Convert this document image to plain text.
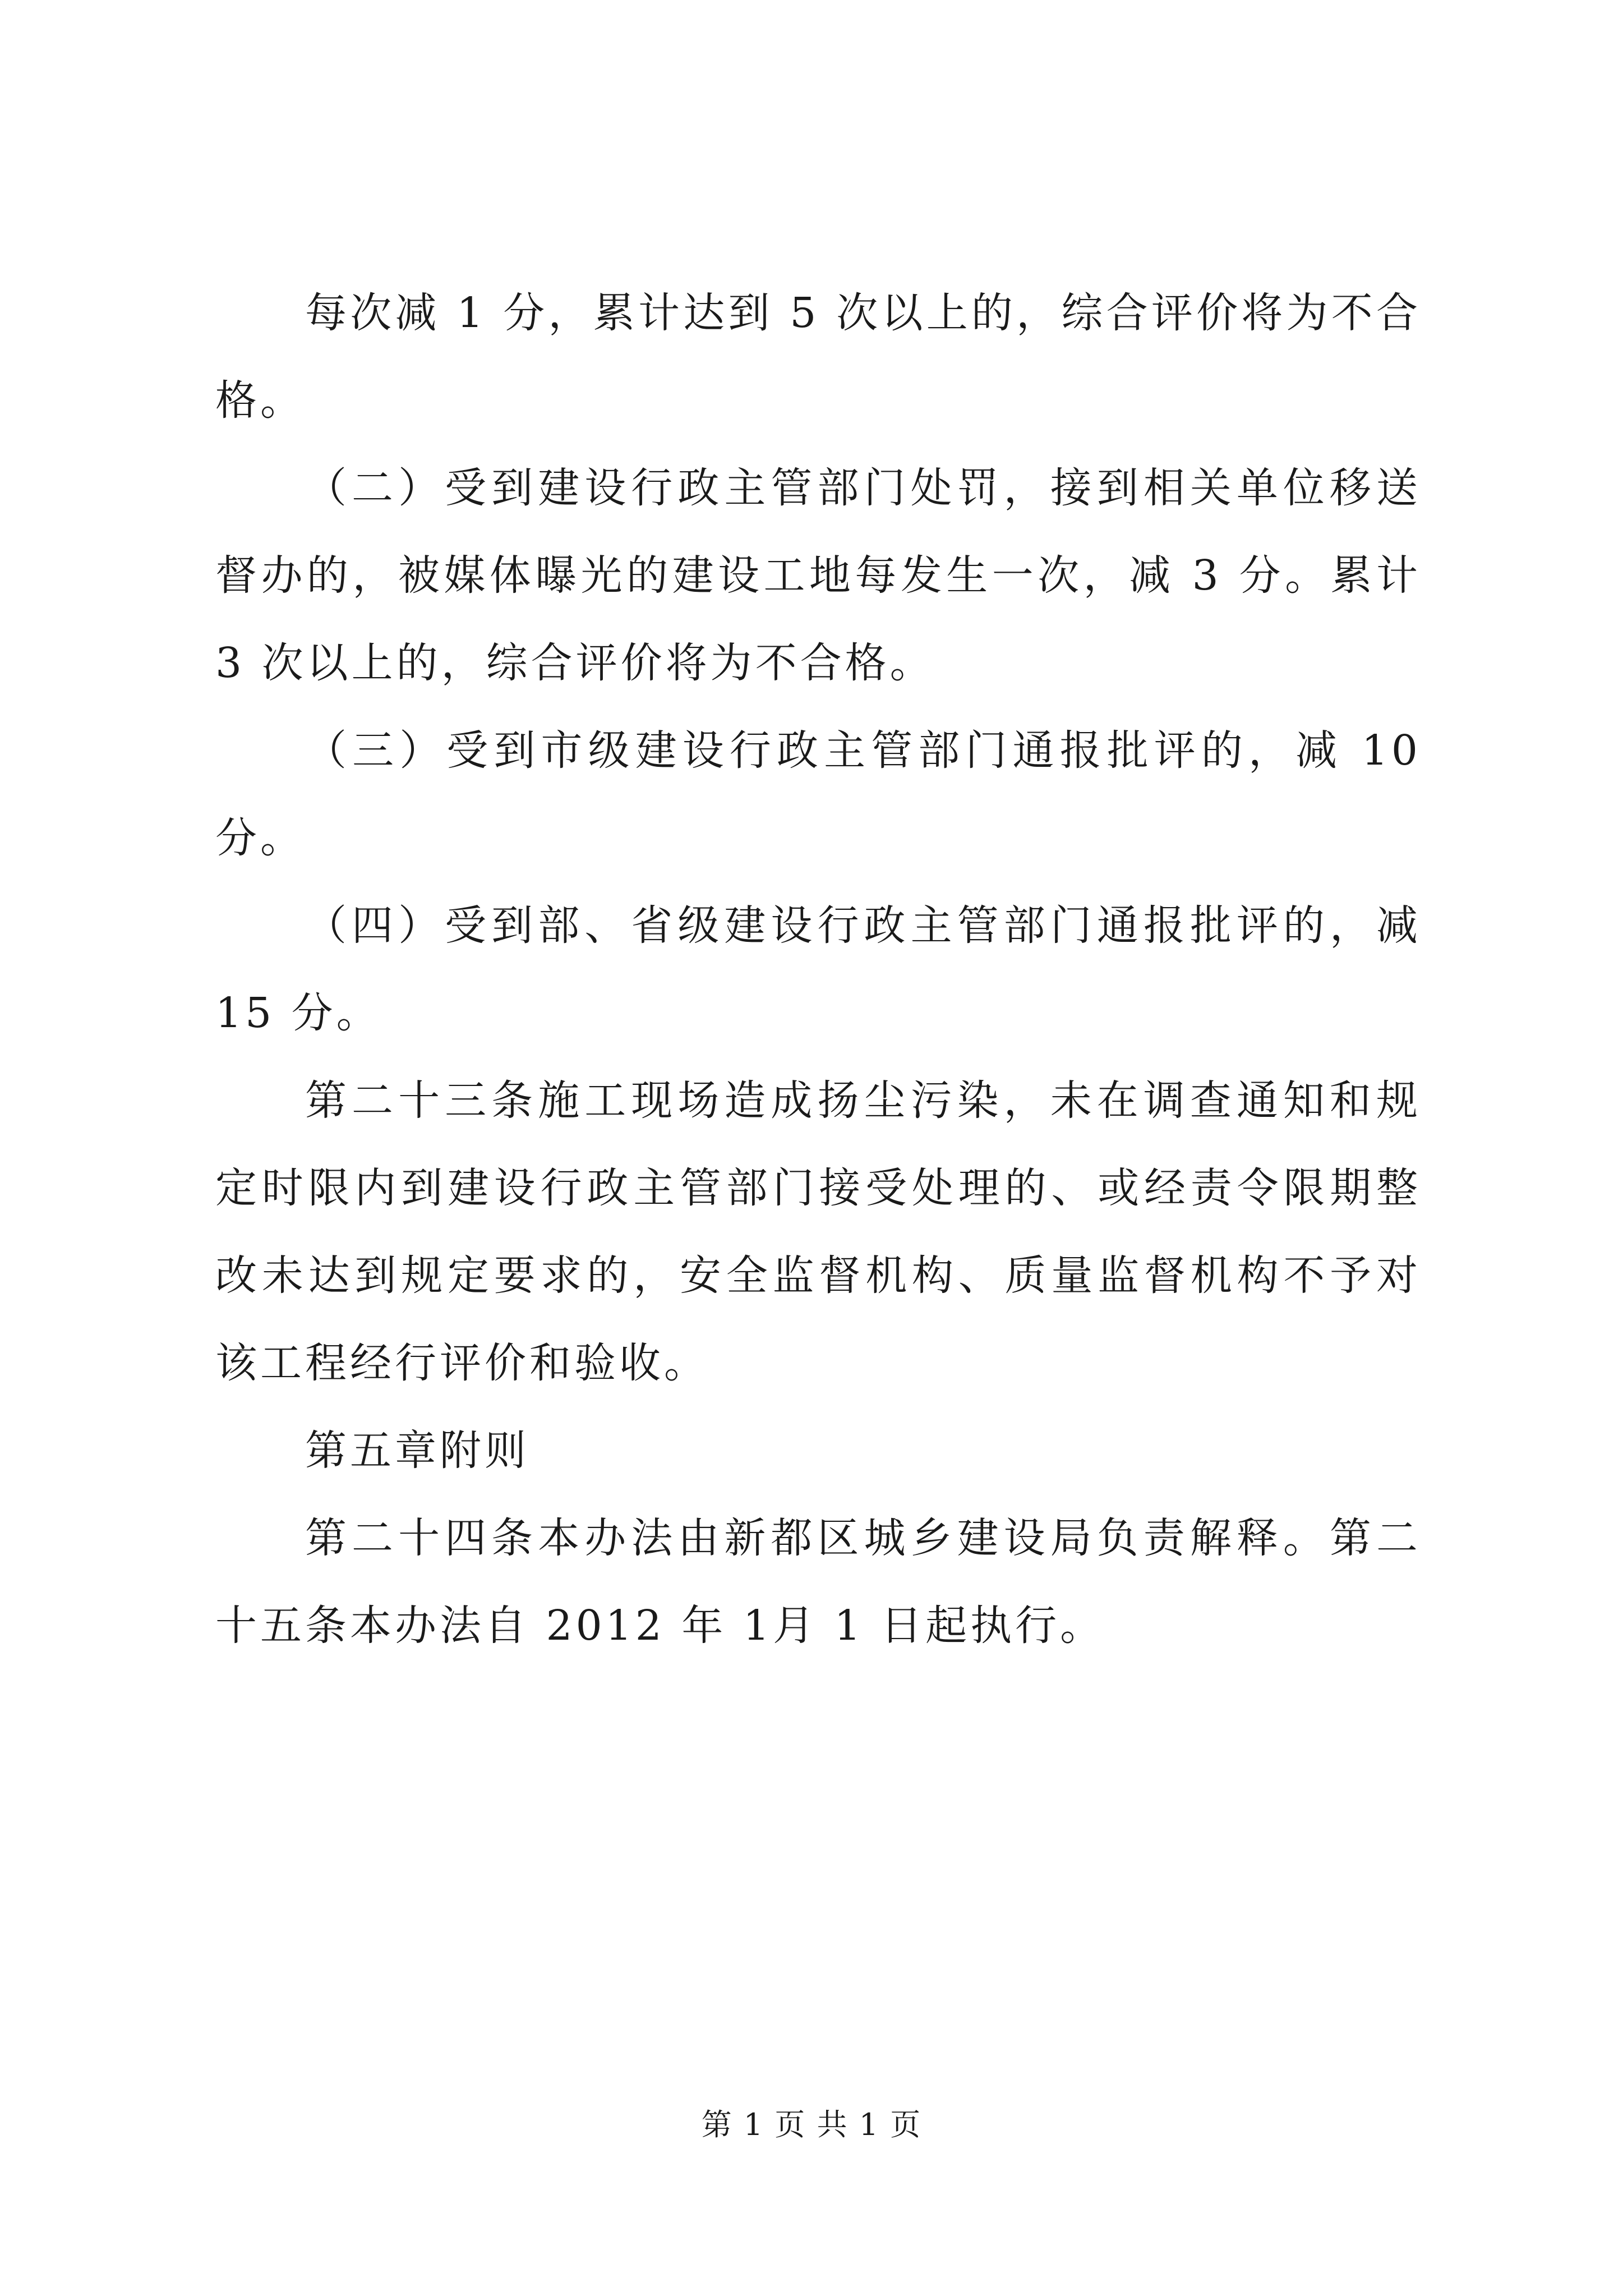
每次减 1 分，累计达到 5 次以上的，综合评价将为不合格。

（二）受到建设行政主管部门处罚，接到相关单位移送督办的，被媒体曝光的建设工地每发生一次，减 3 分。累计 3 次以上的，综合评价将为不合格。

（三）受到市级建设行政主管部门通报批评的，减 10 分。

（四）受到部、省级建设行政主管部门通报批评的，减 15 分。

第二十三条施工现场造成扬尘污染，未在调查通知和规定时限内到建设行政主管部门接受处理的、或经责令限期整改未达到规定要求的，安全监督机构、质量监督机构不予对该工程经行评价和验收。

第五章附则

第二十四条本办法由新都区城乡建设局负责解释。第二十五条本办法自 2012 年 1月 1 日起执行。

第 1 页 共 1 页
